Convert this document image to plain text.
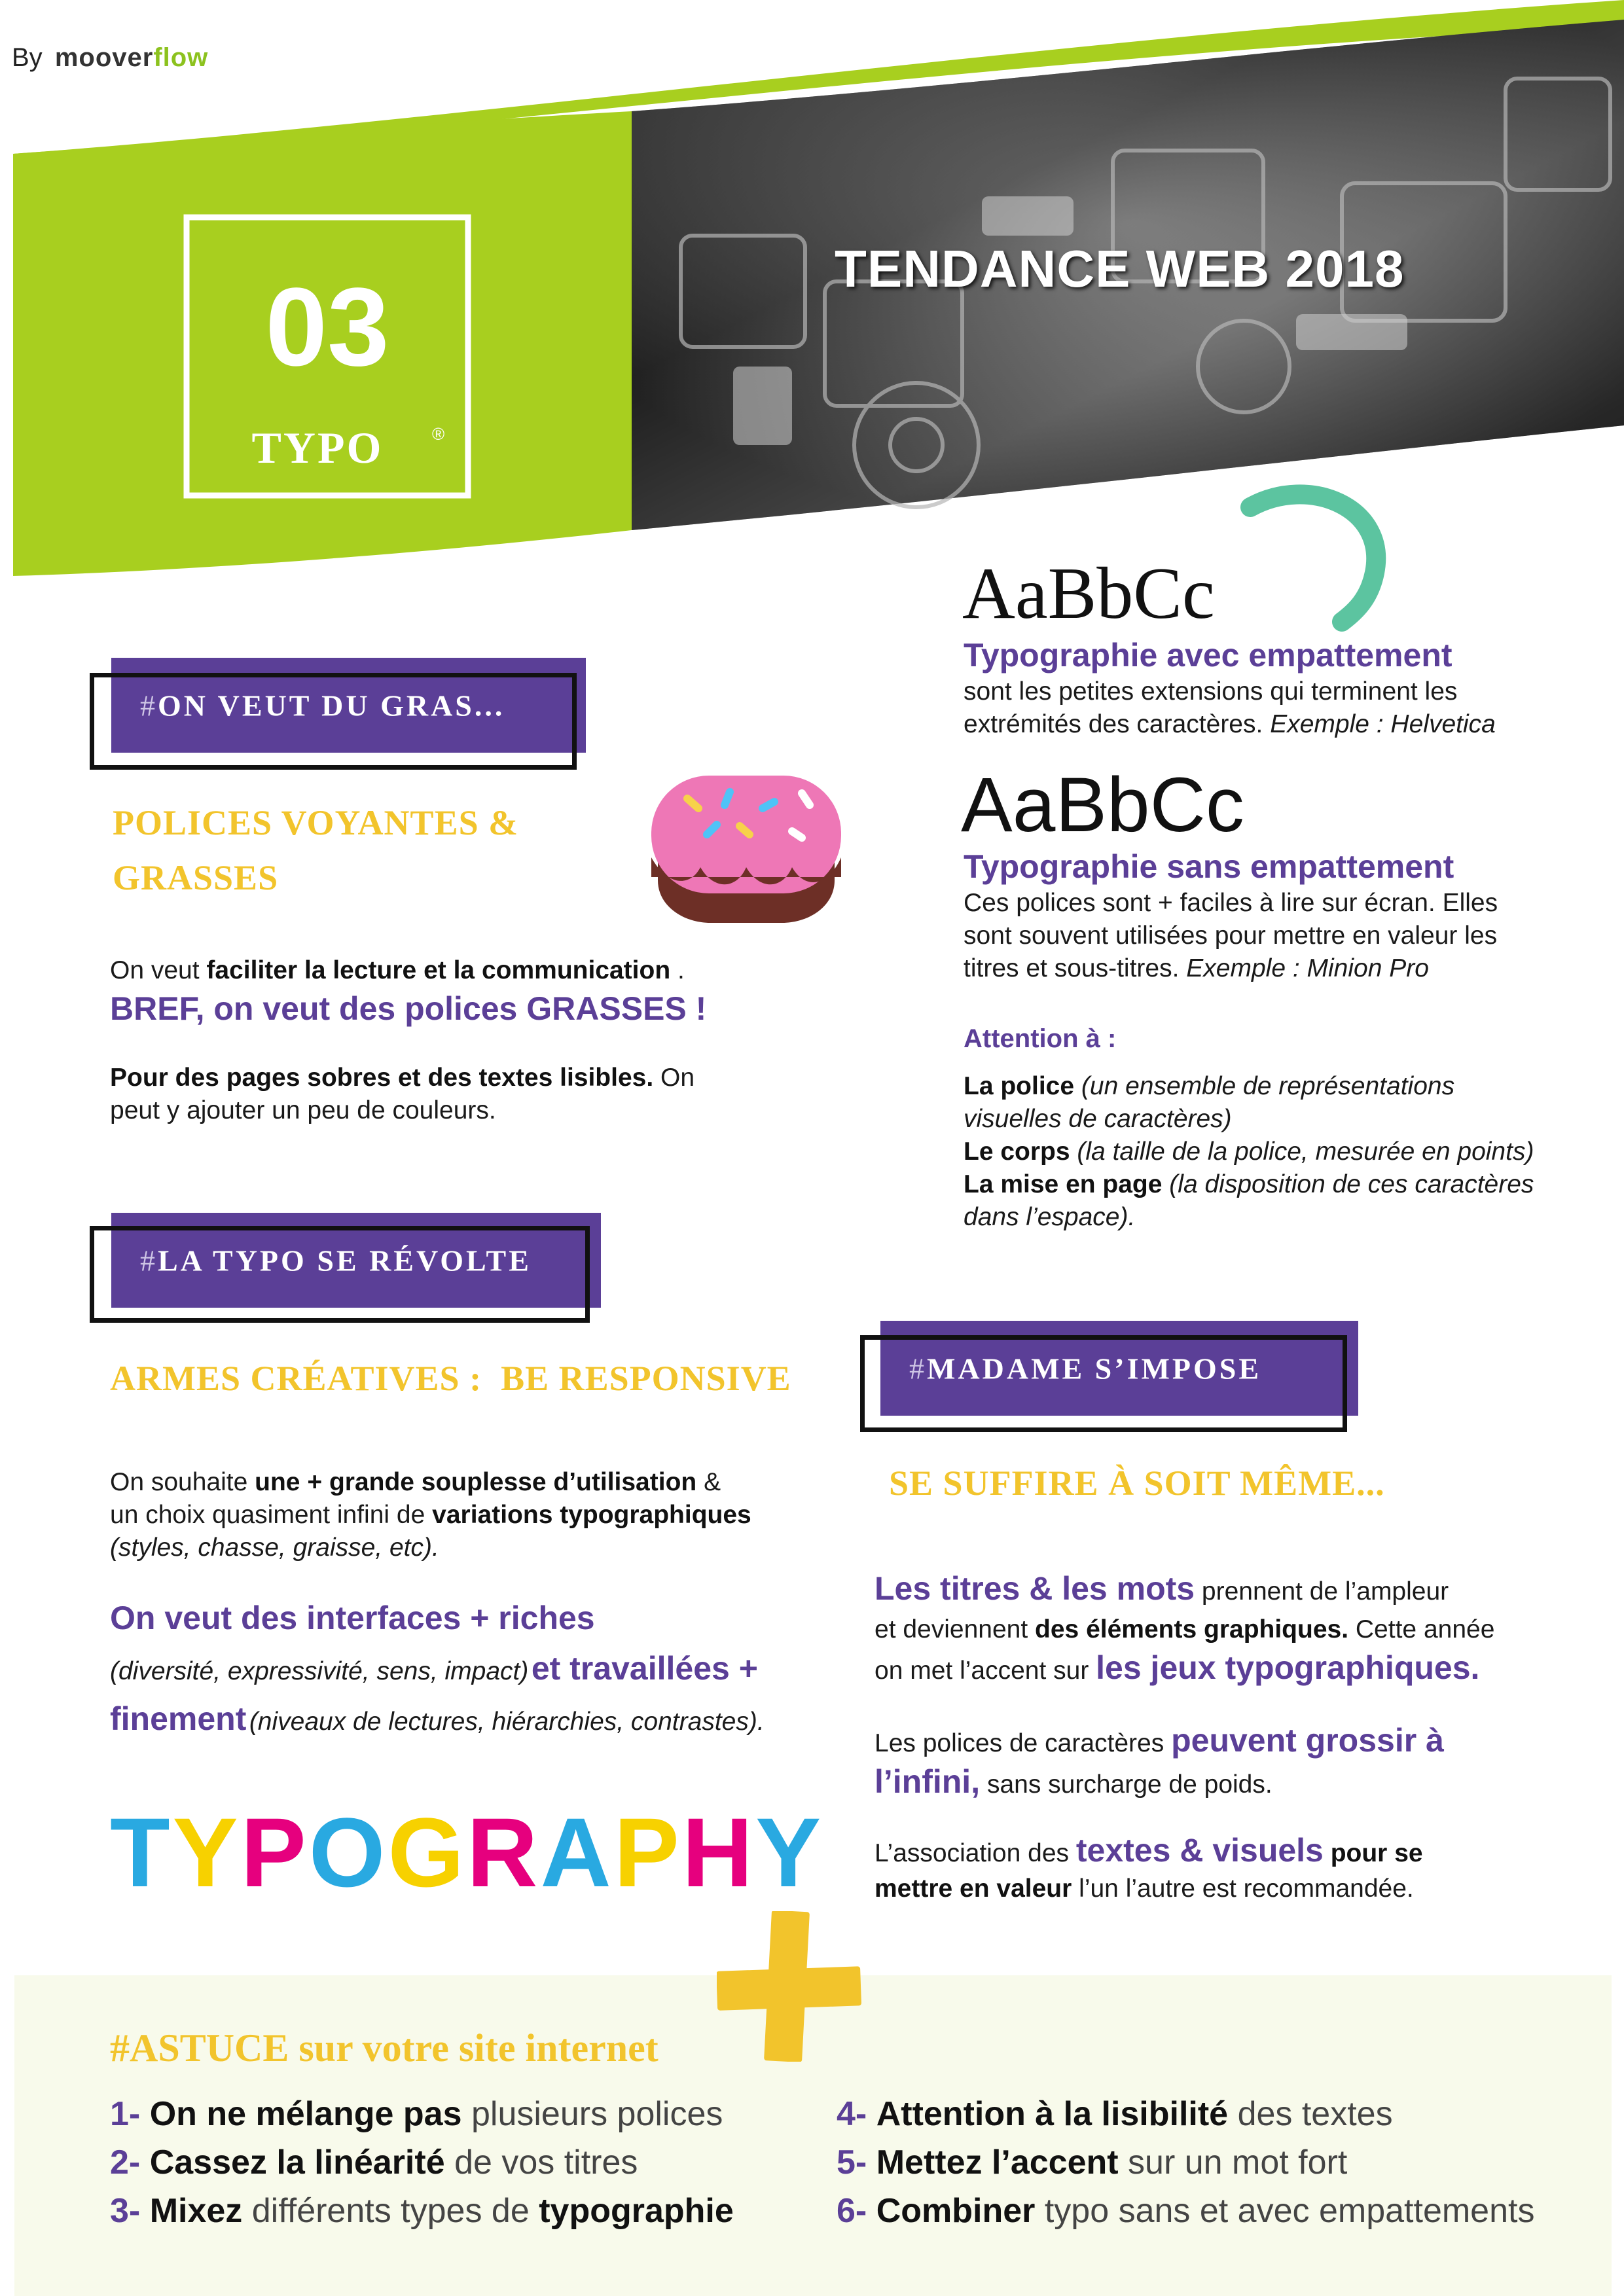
By mooverflow
03
TYPO	®
TENDANCE WEB 2018
AaBbCc
Typographie avec empattement
sont les petites extensions qui terminent les
extrémités des caractères. Exemple : Helvetica
AaBbCc
Typographie sans empattement
Ces polices sont + faciles à lire sur écran. Elles
sont souvent utilisées pour mettre en valeur les
titres et sous-titres. Exemple : Minion Pro
Attention à :
La police (un ensemble de représentations
visuelles de caractères)
Le corps (la taille de la police, mesurée en points)
La mise en page (la disposition de ces caractères
dans l’espace).
#ON VEUT DU GRAS...
POLICES VOYANTES &
GRASSES
On veut faciliter la lecture et la communication .
BREF, on veut des polices GRASSES !
Pour des pages sobres et des textes lisibles. On
peut y ajouter un peu de couleurs.
#LA TYPO SE RÉVOLTE
ARMES CRÉATIVES :  BE RESPONSIVE
On souhaite une + grande souplesse d’utilisation &
un choix quasiment infini de variations typographiques
(styles, chasse, graisse, etc).
On veut des interfaces + riches
(diversité, expressivité, sens, impact) et travaillées +
finement (niveaux de lectures, hiérarchies, contrastes).
TYPOGRAPHY
#MADAME S’IMPOSE
SE SUFFIRE À SOIT MÊME...
Les titres & les mots prennent de l’ampleur
et deviennent des éléments graphiques. Cette année
on met l’accent sur les jeux typographiques.
Les polices de caractères peuvent grossir à
l’infini, sans surcharge de poids.
L’association des textes & visuels pour se
mettre en valeur l’un l’autre est recommandée.
#ASTUCE sur votre site internet
1- On ne mélange pas plusieurs polices
2- Cassez la linéarité de vos titres
3- Mixez différents types de typographie
4- Attention à la lisibilité des textes
5- Mettez l’accent sur un mot fort
6- Combiner typo sans et avec empattements
